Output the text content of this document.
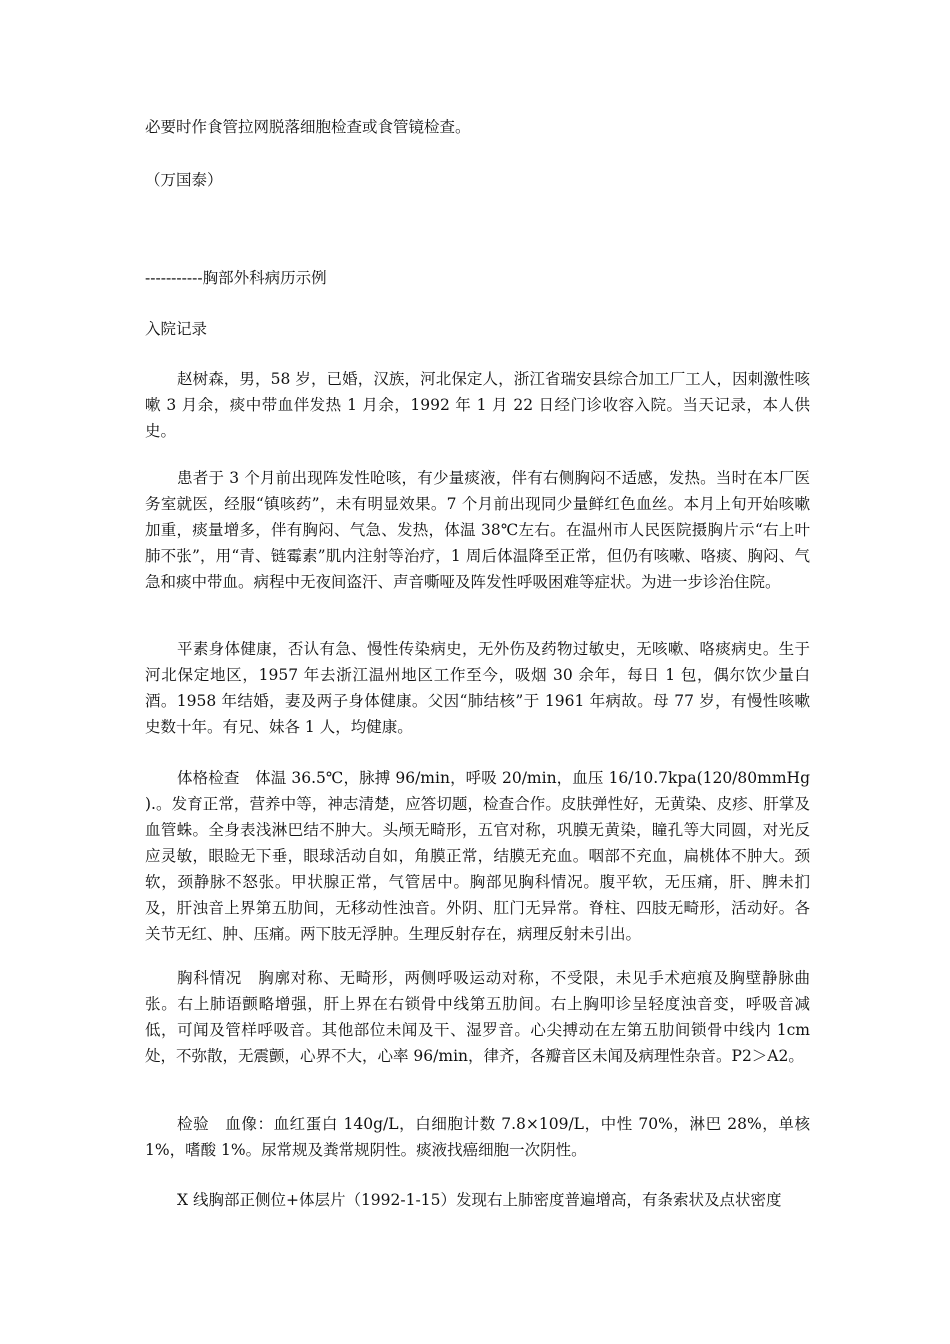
必要时作食管拉网脱落细胞检查或食管镜检查。
（万国泰）
-----------胸部外科病历示例
入院记录
赵树森，男，58 岁，已婚，汉族，河北保定人，浙江省瑞安县综合加工厂工人，因刺激性咳嗽 3 月余，痰中带血伴发热 1 月余，1992 年 1 月 22 日经门诊收容入院。当天记录，本人供史。
患者于 3 个月前出现阵发性呛咳，有少量痰液，伴有右侧胸闷不适感，发热。当时在本厂医务室就医，经服“镇咳药”，未有明显效果。7 个月前出现同少量鲜红色血丝。本月上旬开始咳嗽加重，痰量增多，伴有胸闷、气急、发热，体温 38℃左右。在温州市人民医院摄胸片示“右上叶肺不张”，用“青、链霉素”肌内注射等治疗，1 周后体温降至正常，但仍有咳嗽、咯痰、胸闷、气急和痰中带血。病程中无夜间盗汗、声音嘶哑及阵发性呼吸困难等症状。为进一步诊治住院。
平素身体健康，否认有急、慢性传染病史，无外伤及药物过敏史，无咳嗽、咯痰病史。生于河北保定地区，1957 年去浙江温州地区工作至今，吸烟 30 余年，每日 1 包，偶尔饮少量白酒。1958 年结婚，妻及两子身体健康。父因“肺结核”于 1961 年病故。母 77 岁，有慢性咳嗽史数十年。有兄、妹各 1 人，均健康。
体格检查　体温 36.5℃，脉搏 96/min，呼吸 20/min，血压 16/10.7kpa(120/80mmHg ).。发育正常，营养中等，神志清楚，应答切题，检查合作。皮肤弹性好，无黄染、皮疹、肝掌及血管蛛。全身表浅淋巴结不肿大。头颅无畸形，五官对称，巩膜无黄染，瞳孔等大同圆，对光反应灵敏，眼睑无下垂，眼球活动自如，角膜正常，结膜无充血。咽部不充血，扁桃体不肿大。颈软，颈静脉不怒张。甲状腺正常，气管居中。胸部见胸科情况。腹平软，无压痛，肝、脾未扪及，肝浊音上界第五肋间，无移动性浊音。外阴、肛门无异常。脊柱、四肢无畸形，活动好。各关节无红、肿、压痛。两下肢无浮肿。生理反射存在，病理反射未引出。
胸科情况　胸廓对称、无畸形，两侧呼吸运动对称，不受限，未见手术疤痕及胸壁静脉曲张。右上肺语颤略增强，肝上界在右锁骨中线第五肋间。右上胸叩诊呈轻度浊音变，呼吸音减低，可闻及管样呼吸音。其他部位未闻及干、湿罗音。心尖搏动在左第五肋间锁骨中线内 1cm 处，不弥散，无震颤，心界不大，心率 96/min，律齐，各瓣音区未闻及病理性杂音。P2＞A2。
检验　血像：血红蛋白 140g/L，白细胞计数 7.8×109/L，中性 70%，淋巴 28%，单核 1%，嗜酸 1%。尿常规及粪常规阴性。痰液找癌细胞一次阴性。
X 线胸部正侧位+体层片（1992-1-15）发现右上肺密度普遍增高，有条索状及点状密度
